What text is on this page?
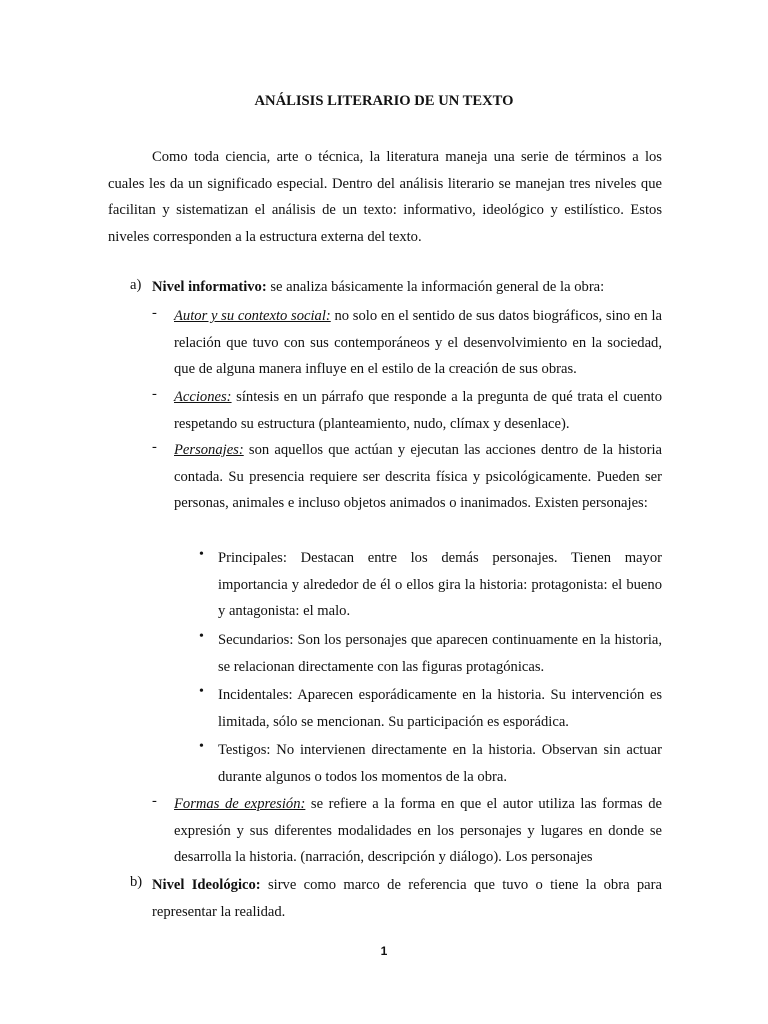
ANÁLISIS LITERARIO DE UN TEXTO
Como toda ciencia, arte o técnica, la literatura maneja una serie de términos a los cuales les da un significado especial. Dentro del análisis literario se manejan tres niveles que facilitan y sistematizan el análisis de un texto: informativo, ideológico y estilístico. Estos niveles corresponden a la estructura externa del texto.
a) Nivel informativo: se analiza básicamente la información general de la obra:
- Autor y su contexto social: no solo en el sentido de sus datos biográficos, sino en la relación que tuvo con sus contemporáneos y el desenvolvimiento en la sociedad, que de alguna manera influye en el estilo de la creación de sus obras.
- Acciones: síntesis en un párrafo que responde a la pregunta de qué trata el cuento respetando su estructura (planteamiento, nudo, clímax y desenlace).
- Personajes: son aquellos que actúan y ejecutan las acciones dentro de la historia contada. Su presencia requiere ser descrita física y psicológicamente. Pueden ser personas, animales e incluso objetos animados o inanimados. Existen personajes:
• Principales: Destacan entre los demás personajes. Tienen mayor importancia y alrededor de él o ellos gira la historia: protagonista: el bueno y antagonista: el malo.
• Secundarios: Son los personajes que aparecen continuamente en la historia, se relacionan directamente con las figuras protagónicas.
• Incidentales: Aparecen esporádicamente en la historia. Su intervención es limitada, sólo se mencionan. Su participación es esporádica.
• Testigos: No intervienen directamente en la historia. Observan sin actuar durante algunos o todos los momentos de la obra.
- Formas de expresión: se refiere a la forma en que el autor utiliza las formas de expresión y sus diferentes modalidades en los personajes y lugares en donde se desarrolla la historia. (narración, descripción y diálogo). Los personajes
b) Nivel Ideológico: sirve como marco de referencia que tuvo o tiene la obra para representar la realidad.
1
